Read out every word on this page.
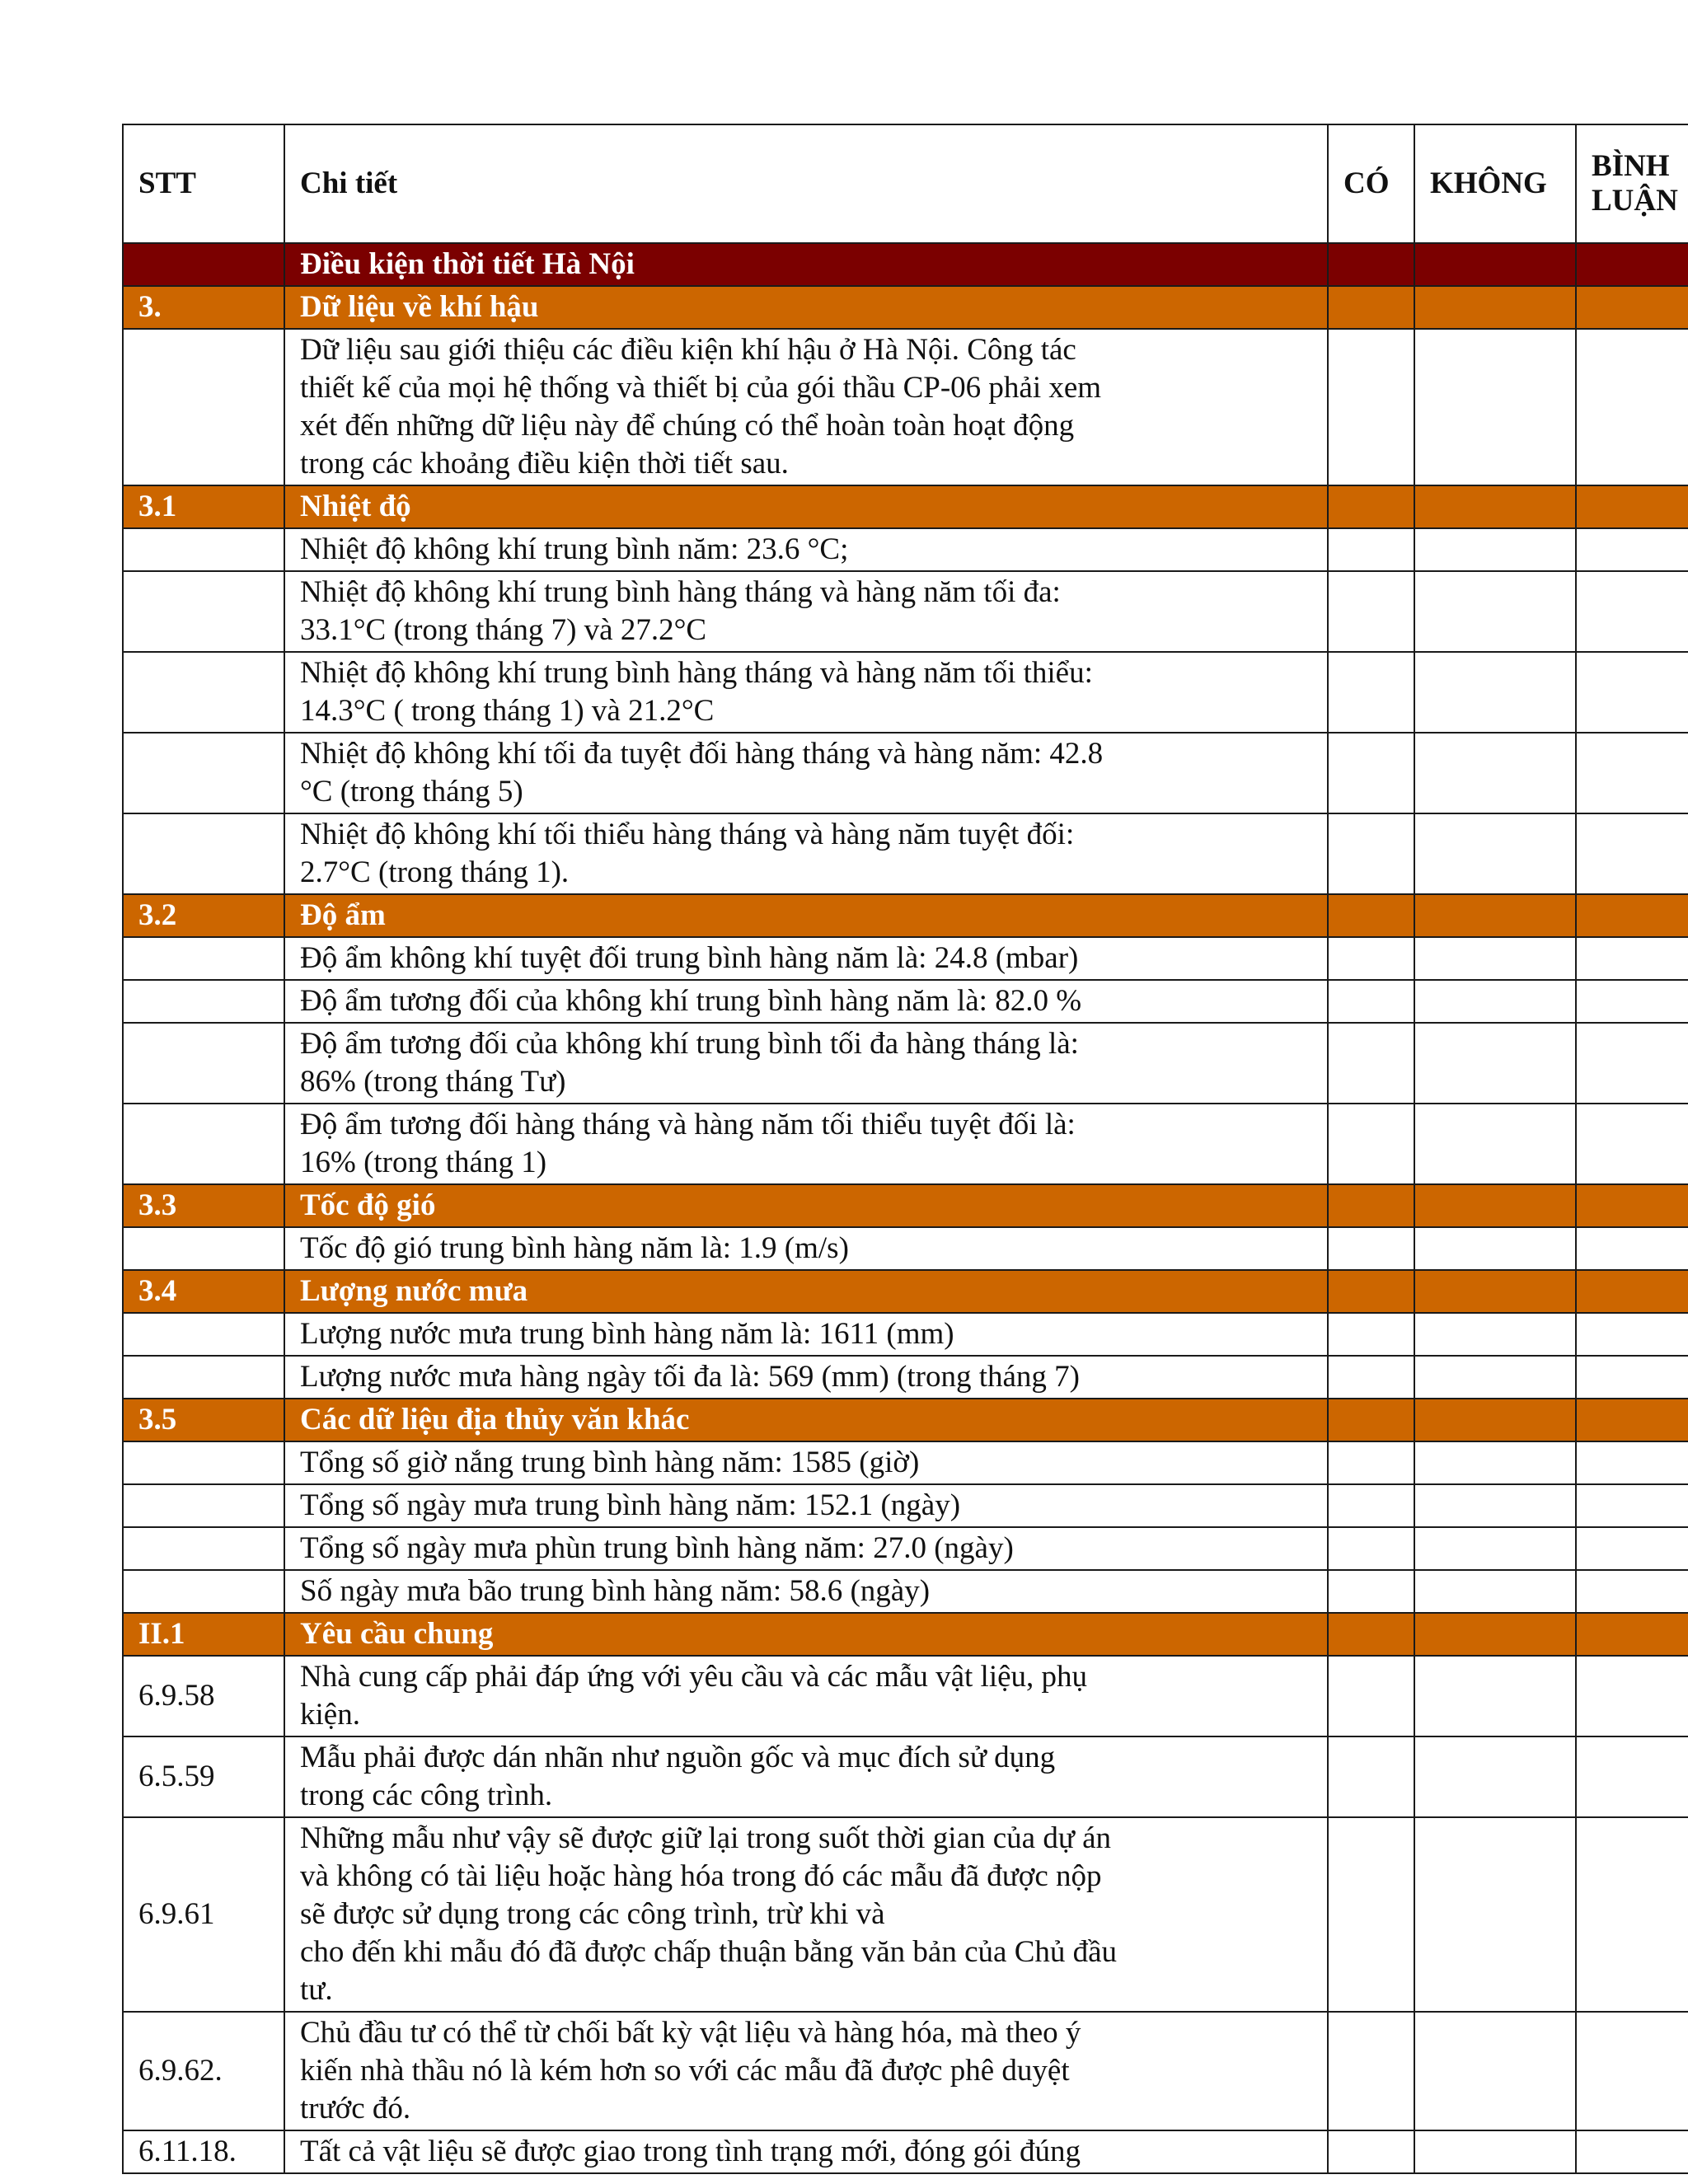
STT	Chi tiết	CÓ	KHÔNG	BÌNH LUẬN
	Điều kiện thời tiết Hà Nội			
3.	Dữ liệu về khí hậu			

	Dữ liệu sau giới thiệu các điều kiện khí hậu ở Hà Nội. Công tác
thiết kế của mọi hệ thống và thiết bị của gói thầu CP-06 phải xem
xét đến những dữ liệu này để chúng có thể hoàn toàn hoạt động
trong các khoảng điều kiện thời tiết sau.			

3.1	Nhiệt độ			

	Nhiệt độ không khí trung bình năm: 23.6 °C;			

	Nhiệt độ không khí trung bình hàng tháng và hàng năm tối đa:
33.1°C (trong tháng 7) và 27.2°C			

	Nhiệt độ không khí trung bình hàng tháng và hàng năm tối thiểu:
14.3°C ( trong tháng 1) và 21.2°C			

	Nhiệt độ không khí tối đa tuyệt đối hàng tháng và hàng năm: 42.8
°C (trong tháng 5)			

	Nhiệt độ không khí tối thiểu hàng tháng và hàng năm tuyệt đối:
2.7°C (trong tháng 1).			

3.2	Độ ẩm			

	Độ ẩm không khí tuyệt đối trung bình hàng năm là: 24.8 (mbar)			

	Độ ẩm tương đối của không khí trung bình hàng năm là: 82.0 %			

	Độ ẩm tương đối của không khí trung bình tối đa hàng tháng là:
86% (trong tháng Tư)			

	Độ ẩm tương đối hàng tháng và hàng năm tối thiểu tuyệt đối là:
16% (trong tháng 1)			

3.3	Tốc độ gió			

	Tốc độ gió trung bình hàng năm là: 1.9 (m/s)			

3.4	Lượng nước mưa			

	Lượng nước mưa trung bình hàng năm là: 1611 (mm)			

	Lượng nước mưa hàng ngày tối đa là: 569 (mm) (trong tháng 7)			

3.5	Các dữ liệu địa thủy văn khác			

	Tổng số giờ nắng trung bình hàng năm: 1585 (giờ)			

	Tổng số ngày mưa trung bình hàng năm: 152.1 (ngày)			

	Tổng số ngày mưa phùn trung bình hàng năm: 27.0 (ngày)			

	Số ngày mưa bão trung bình hàng năm: 58.6 (ngày)			

II.1	Yêu cầu chung			
6.9.58	Nhà cung cấp phải đáp ứng với yêu cầu và các mẫu vật liệu, phụ
kiện.			

6.5.59	Mẫu phải được dán nhãn như nguồn gốc và mục đích sử dụng
trong các công trình.			

6.9.61	Những mẫu như vậy sẽ được giữ lại trong suốt thời gian của dự án
và không có tài liệu hoặc hàng hóa trong đó các mẫu đã được nộp
sẽ được sử dụng trong các công trình, trừ khi và
cho đến khi mẫu đó đã được chấp thuận bằng văn bản của Chủ đầu
tư.			

6.9.62.	Chủ đầu tư có thể từ chối bất kỳ vật liệu và hàng hóa, mà theo ý
kiến nhà thầu nó là kém hơn so với các mẫu đã được phê duyệt
trước đó.			

6.11.18.	Tất cả vật liệu sẽ được giao trong tình trạng mới, đóng gói đúng			
